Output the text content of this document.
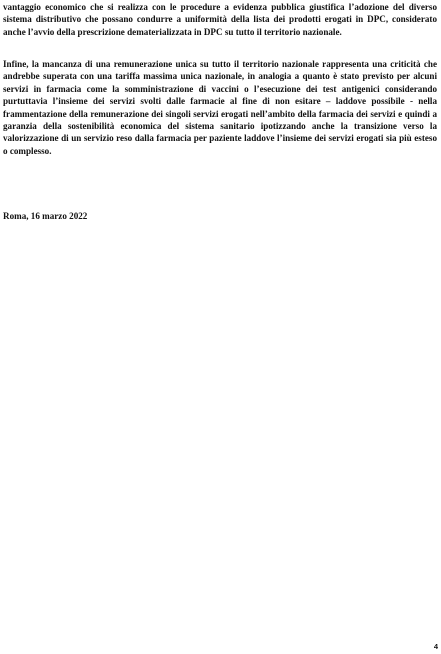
vantaggio economico che si realizza con le procedure a evidenza pubblica giustifica l’adozione del diverso sistema distributivo che possano condurre a uniformità della lista dei prodotti erogati in DPC, considerato anche l’avvio della prescrizione dematerializzata in DPC su tutto il territorio nazionale.

Infine, la mancanza di una remunerazione unica su tutto il territorio nazionale rappresenta una criticità che andrebbe superata con una tariffa massima unica nazionale, in analogia a quanto è stato previsto per alcuni servizi in farmacia come la somministrazione di vaccini o l’esecuzione dei test antigenici considerando purtuttavia l’insieme dei servizi svolti dalle farmacie al fine di non esitare – laddove possibile - nella frammentazione della remunerazione dei singoli servizi erogati nell’ambito della farmacia dei servizi e quindi a garanzia della sostenibilità economica del sistema sanitario ipotizzando anche la transizione verso la valorizzazione di un servizio reso dalla farmacia per paziente laddove l’insieme dei servizi erogati sia più esteso o complesso.

Roma, 16 marzo 2022

4
